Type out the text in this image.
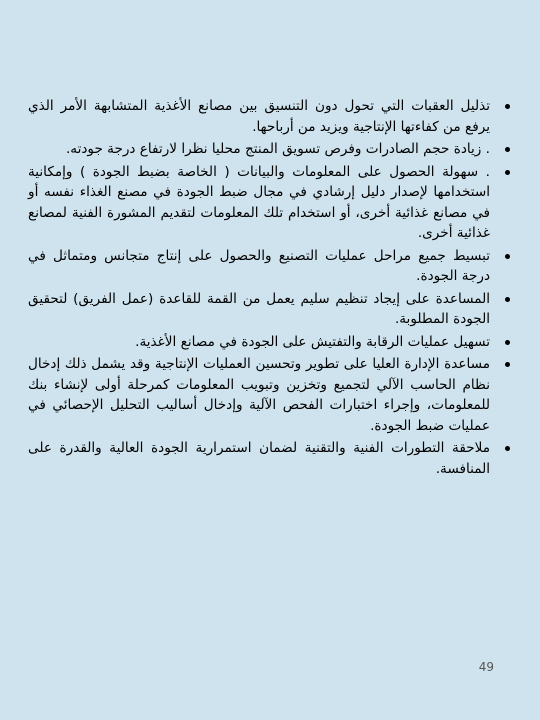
تذليل العقبات التي تحول دون التنسيق بين مصانع الأغذية المتشابهة الأمر الذي يرفع من كفاءتها الإنتاجية ويزيد من أرباحها.
. زيادة حجم الصادرات وفرص تسويق المنتج محليا نظرا لارتفاع درجة جودته.
. سهولة الحصول على المعلومات والبيانات ( الخاصة بضبط الجودة ) وإمكانية استخدامها لإصدار دليل إرشادي في مجال ضبط الجودة في مصنع الغذاء نفسه أو في مصانع غذائية أخرى، أو استخدام تلك المعلومات لتقديم المشورة الفنية لمصانع غذائية أخرى.
تبسيط جميع مراحل عمليات التصنيع والحصول على إنتاج متجانس ومتماثل في درجة الجودة.
المساعدة على إيجاد تنظيم سليم يعمل من القمة للقاعدة (عمل الفريق) لتحقيق الجودة المطلوبة.
تسهيل عمليات الرقابة والتفتيش على الجودة في مصانع الأغذية.
مساعدة الإدارة العليا على تطوير وتحسين العمليات الإنتاجية وقد يشمل ذلك إدخال نظام الحاسب الآلي لتجميع وتخزين وتبويب المعلومات كمرحلة أولى لإنشاء بنك للمعلومات، وإجراء اختبارات الفحص الآلية وإدخال أساليب التحليل الإحصائي في عمليات ضبط الجودة.
ملاحقة التطورات الفنية والتقنية لضمان استمرارية الجودة العالية والقدرة على المنافسة.
49
